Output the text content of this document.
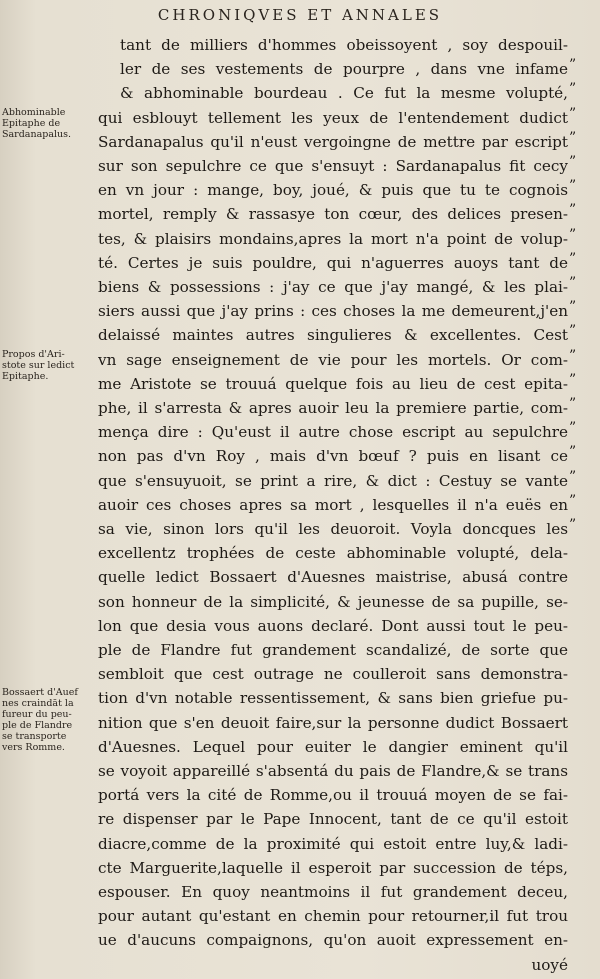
CHRONIQVES ET ANNALES
tant de milliers d'hommes obeissoyent , soy despouil-
ler de ses vestements de pourpre , dans vne infame ”
& abhominable bourdeau . Ce fut la mesme volupté, ”
qui esblouyt tellement les yeux de l'entendement dudict ”
Sardanapalus qu'il n'eust vergoingne de mettre par escript ”
sur son sepulchre ce que s'ensuyt : Sardanapalus fit cecy ”
en vn jour : mange, boy, joué, & puis que tu te cognois ”
mortel, remply & rassasye ton cœur, des delices presen- ”
tes, & plaisirs mondains,apres la mort n'a point de volup- ”
té. Certes je suis pouldre, qui n'aguerres auoys tant de ”
biens & possessions : j'ay ce que j'ay mangé, & les plai- ”
siers aussi que j'ay prins : ces choses la me demeurent,j'en ”
delaissé maintes autres singulieres & excellentes. Cest ”
vn sage enseignement de vie pour les mortels. Or com- ”
me Aristote se trouuá quelque fois au lieu de cest epita- ”
phe, il s'arresta & apres auoir leu la premiere partie, com- ”
mença dire : Qu'eust il autre chose escript au sepulchre ”
non pas d'vn Roy , mais d'vn bœuf ? puis en lisant ce ”
que s'ensuyuoit, se print a rire, & dict : Cestuy se vante ”
auoir ces choses apres sa mort , lesquelles il n'a euës en ”
sa vie, sinon lors qu'il les deuoroit. Voyla doncques les ”
excellentz trophées de ceste abhominable volupté, dela-
quelle ledict Bossaert d'Auesnes maistrise, abusá contre
son honneur de la simplicité, & jeunesse de sa pupille, se-
lon que desia vous auons declaré. Dont aussi tout le peu-
ple de Flandre fut grandement scandalizé, de sorte que
sembloit que cest outrage ne coulleroit sans demonstra-
tion d'vn notable ressentissement, & sans bien griefue pu-
nition que s'en deuoit faire,sur la personne dudict Bossaert
d'Auesnes. Lequel pour euiter le dangier eminent qu'il
se voyoit appareillé s'absentá du pais de Flandre,& se trans
portá vers la cité de Romme,ou il trouuá moyen de se fai-
re dispenser par le Pape Innocent, tant de ce qu'il estoit
diacre,comme de la proximité qui estoit entre luy,& ladi-
cte Marguerite,laquelle il esperoit par succession de téps,
espouser. En quoy neantmoins il fut grandement deceu,
pour autant qu'estant en chemin pour retourner,il fut trou
ue d'aucuns compaignons, qu'on auoit expressement en-
uoyé
Abhominable
Epitaphe de
Sardanapalus.
Propos d'Ari-
stote sur ledict
Epitaphe.
Bossaert d'Auef
nes craindāt la
fureur du peu-
ple de Flandre
se transporte
vers Romme.
